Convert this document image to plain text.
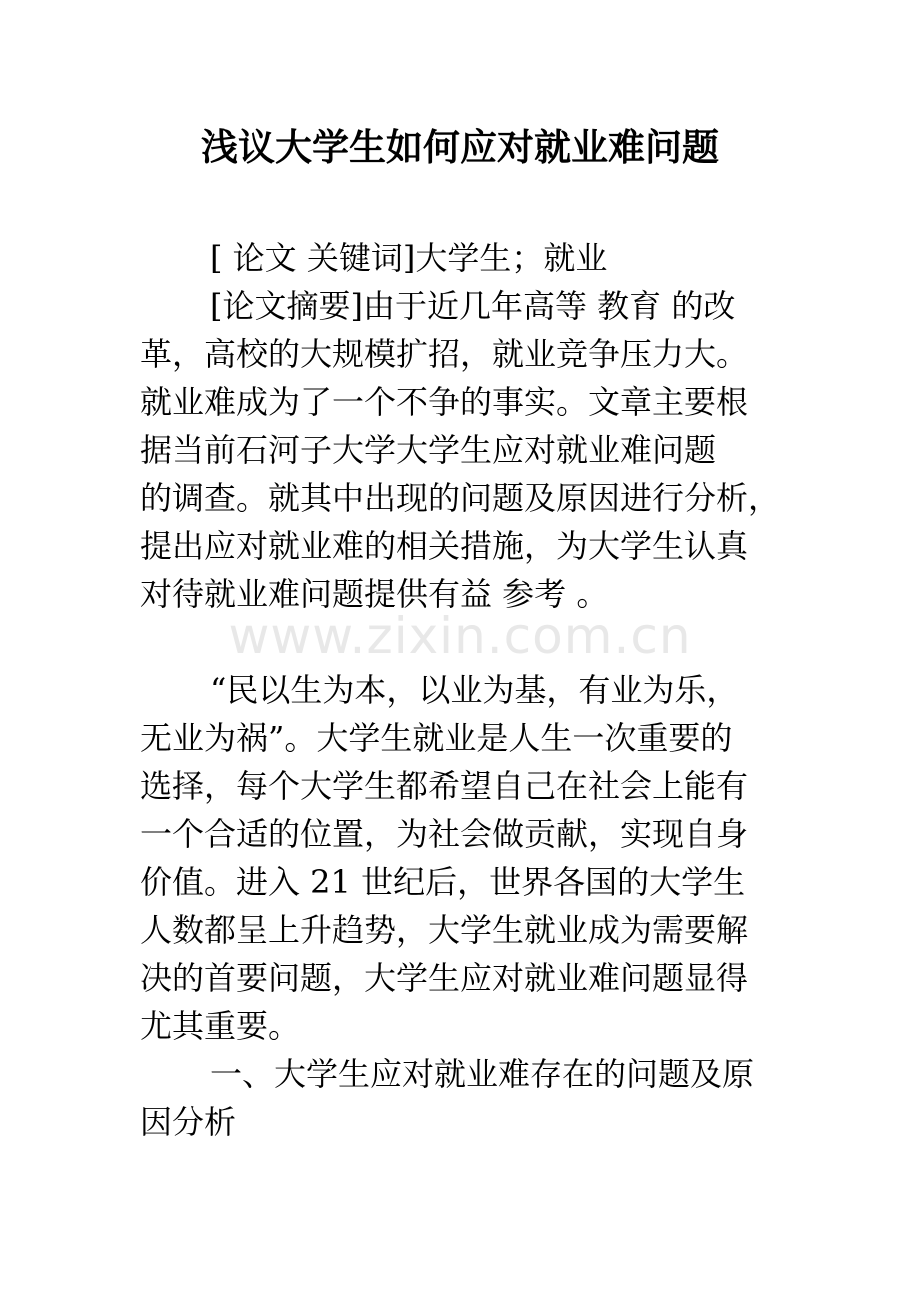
浅议大学生如何应对就业难问题
[ 论文 关键词]大学生；就业
[论文摘要]由于近几年高等 教育 的改
革，高校的大规模扩招，就业竞争压力大。
就业难成为了一个不争的事实。文章主要根
据当前石河子大学大学生应对就业难问题
的调查。就其中出现的问题及原因进行分析，
提出应对就业难的相关措施，为大学生认真
对待就业难问题提供有益 参考 。
www.zixin.com.cn
“民以生为本，以业为基，有业为乐，
无业为祸”。大学生就业是人生一次重要的
选择，每个大学生都希望自己在社会上能有
一个合适的位置，为社会做贡献，实现自身
价值。进入 21 世纪后，世界各国的大学生
人数都呈上升趋势，大学生就业成为需要解
决的首要问题，大学生应对就业难问题显得
尤其重要。
一、大学生应对就业难存在的问题及原
因分析
